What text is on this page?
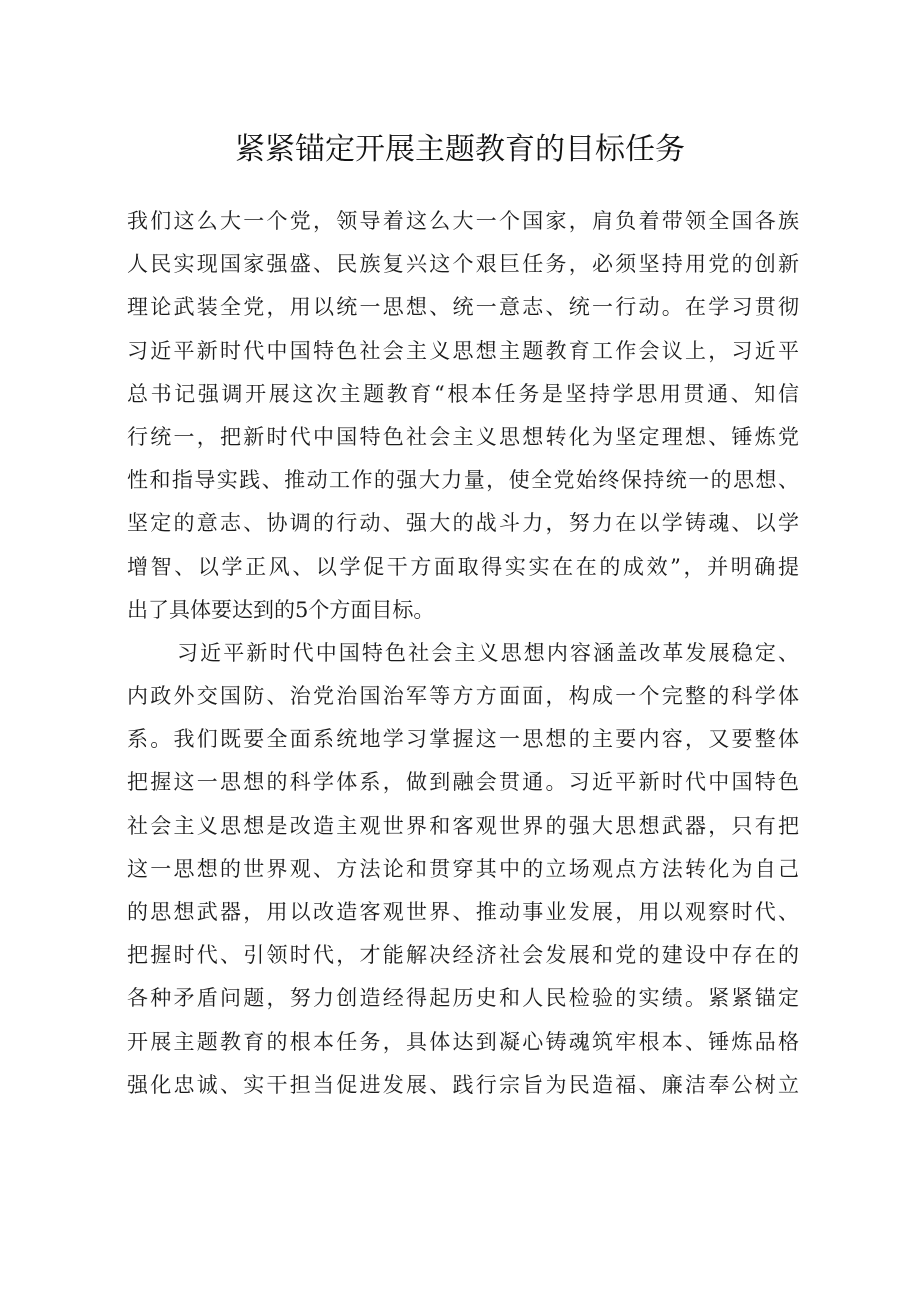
紧紧锚定开展主题教育的目标任务
我们这么大一个党，领导着这么大一个国家，肩负着带领全国各族
人民实现国家强盛、民族复兴这个艰巨任务，必须坚持用党的创新
理论武装全党，用以统一思想、统一意志、统一行动。在学习贯彻
习近平新时代中国特色社会主义思想主题教育工作会议上，习近平
总书记强调开展这次主题教育“根本任务是坚持学思用贯通、知信
行统一，把新时代中国特色社会主义思想转化为坚定理想、锤炼党
性和指导实践、推动工作的强大力量，使全党始终保持统一的思想、
坚定的意志、协调的行动、强大的战斗力，努力在以学铸魂、以学
增智、以学正风、以学促干方面取得实实在在的成效”，并明确提
出了具体要达到的5个方面目标。
习近平新时代中国特色社会主义思想内容涵盖改革发展稳定、
内政外交国防、治党治国治军等方方面面，构成一个完整的科学体
系。我们既要全面系统地学习掌握这一思想的主要内容，又要整体
把握这一思想的科学体系，做到融会贯通。习近平新时代中国特色
社会主义思想是改造主观世界和客观世界的强大思想武器，只有把
这一思想的世界观、方法论和贯穿其中的立场观点方法转化为自己
的思想武器，用以改造客观世界、推动事业发展，用以观察时代、
把握时代、引领时代，才能解决经济社会发展和党的建设中存在的
各种矛盾问题，努力创造经得起历史和人民检验的实绩。紧紧锚定
开展主题教育的根本任务，具体达到凝心铸魂筑牢根本、锤炼品格
强化忠诚、实干担当促进发展、践行宗旨为民造福、廉洁奉公树立
